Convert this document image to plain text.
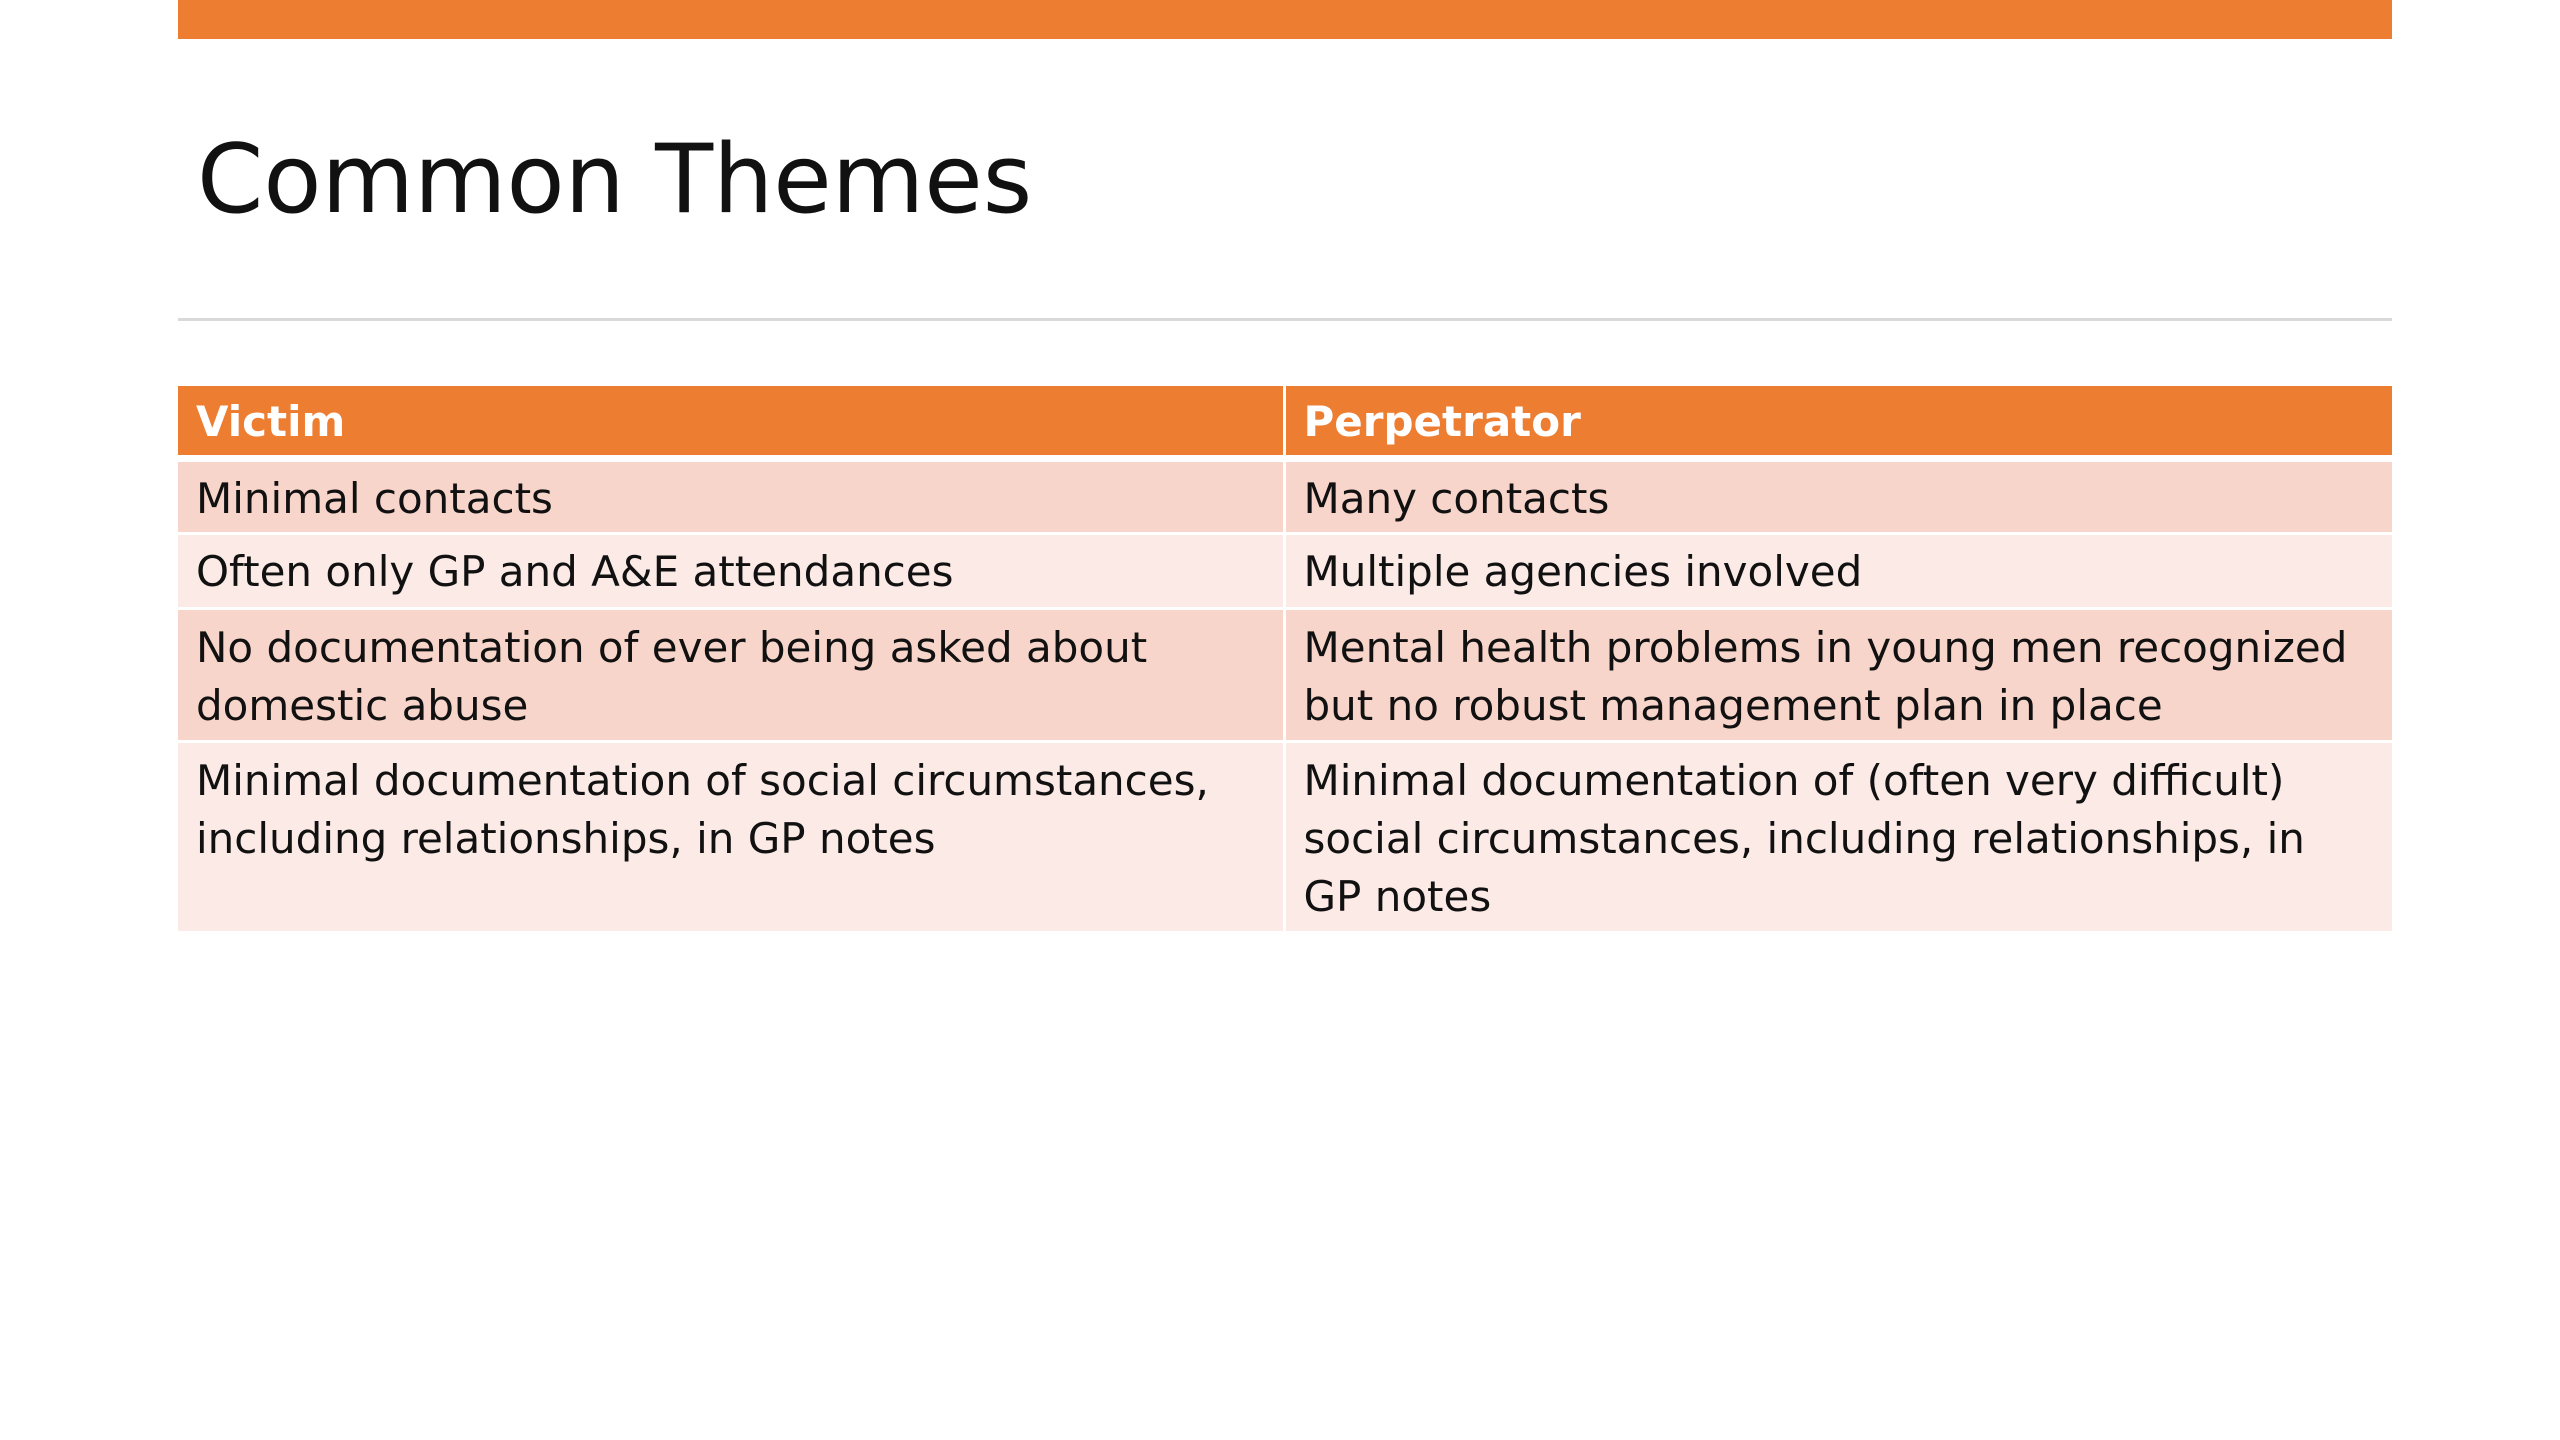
Common Themes
Victim	Perpetrator
Minimal contacts	Many contacts
Often only GP and A&E attendances	Multiple agencies involved
No documentation of ever being asked about domestic abuse	Mental health problems in young men recognized but no robust management plan in place
Minimal documentation of social circumstances, including relationships, in GP notes	Minimal documentation of (often very difficult) social circumstances, including relationships, in GP notes
